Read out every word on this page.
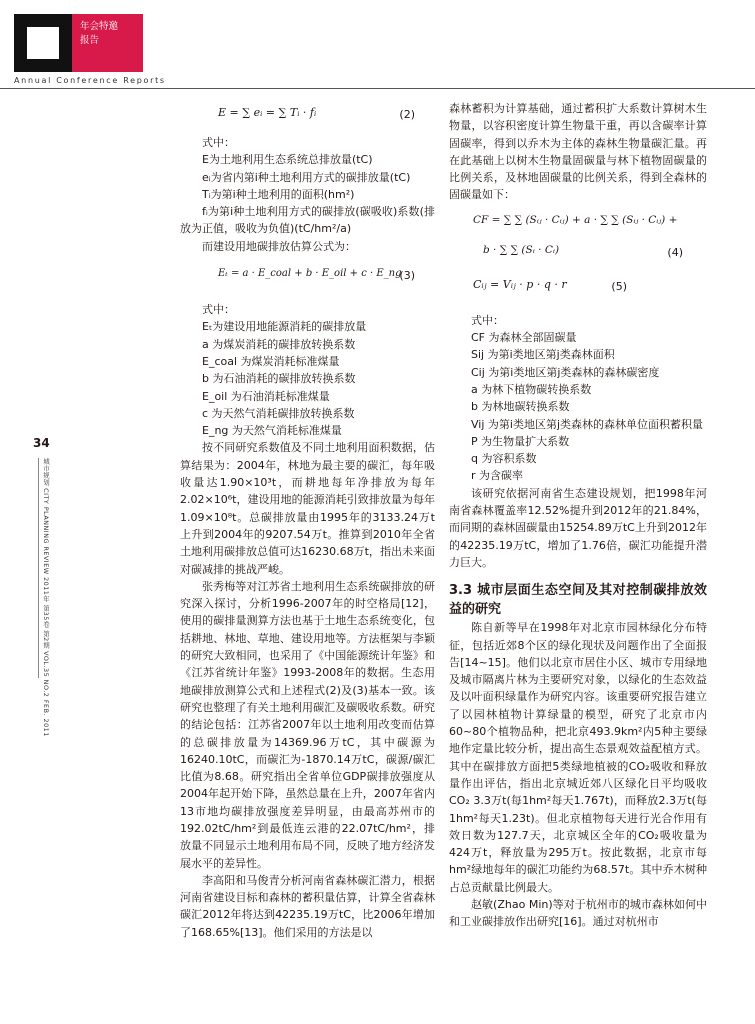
年会特邀
报告
Annual Conference Reports
34
城市规划 CITY PLANNING REVIEW 2011年 第35卷 第2期 VOL.35 NO.2 FEB. 2011
E = ∑ eᵢ = ∑ Tᵢ · fᵢ	(2)

式中：

E为土地利用生态系统总排放量(tC)

eᵢ为省内第i种土地利用方式的碳排放量(tC)

Tᵢ为第i种土地利用的面积(hm²)

fᵢ为第i种土地利用方式的碳排放(碳吸收)系数(排放为正值，吸收为负值)(tC/hm²/a)

而建设用地碳排放估算公式为：

Eₜ = a · E_coal + b · E_oil + c · E_ng
(3)

式中：

Eₜ为建设用地能源消耗的碳排放量

a 为煤炭消耗的碳排放转换系数

E_coal 为煤炭消耗标准煤量

b 为石油消耗的碳排放转换系数

E_oil 为石油消耗标准煤量

c 为天然气消耗碳排放转换系数

E_ng 为天然气消耗标准煤量

按不同研究系数值及不同土地利用面积数据，估算结果为：2004年，林地为最主要的碳汇，每年吸收量达1.90×10³t，而耕地每年净排放为每年2.02×10⁶t，建设用地的能源消耗引致排放量为每年1.09×10⁸t。总碳排放量由1995年的3133.24万t上升到2004年的9207.54万t。推算到2010年全省土地利用碳排放总值可达16230.68万t，指出未来面对碳减排的挑战严峻。

张秀梅等对江苏省土地利用生态系统碳排放的研究深入探讨，分析1996-2007年的时空格局[12]，使用的碳排量测算方法也基于土地生态系统变化，包括耕地、林地、草地、建设用地等。方法框架与李颖的研究大致相同，也采用了《中国能源统计年鉴》和《江苏省统计年鉴》1993-2008年的数据。生态用地碳排放测算公式和上述程式(2)及(3)基本一致。该研究也整理了有关土地利用碳汇及碳吸收系数。研究的结论包括：江苏省2007年以土地利用改变而估算的总碳排放量为14369.96万tC，其中碳源为16240.10tC，而碳汇为-1870.14万tC，碳源/碳汇比值为8.68。研究指出全省单位GDP碳排放强度从2004年起开始下降，虽然总量在上升，2007年省内13市地均碳排放强度差异明显，由最高苏州市的192.02tC/hm²到最低连云港的22.07tC/hm²，排放量不同显示土地利用布局不同，反映了地方经济发展水平的差异性。

李高阳和马俊青分析河南省森林碳汇潜力，根据河南省建设目标和森林的蓄积量估算，计算全省森林碳汇2012年将达到42235.19万tC，比2006年增加了168.65%[13]。他们采用的方法是以

森林蓄积为计算基础，通过蓄积扩大系数计算树木生物量，以容积密度计算生物量干重，再以含碳率计算固碳率，得到以乔木为主体的森林生物量碳汇量。再在此基础上以树木生物量固碳量与林下植物固碳量的比例关系，及林地固碳量的比例关系，得到全森林的固碳量如下：

CF = ∑ ∑ (Sᵢⱼ · Cᵢⱼ) + a · ∑ ∑ (Sᵢⱼ · Cᵢⱼ) +
b · ∑ ∑ (Sᵢ · Cᵢ)	(4)
Cᵢⱼ = Vᵢⱼ · p · q · r	(5)

式中：

CF 为森林全部固碳量

Sij 为第i类地区第j类森林面积

Cij 为第i类地区第j类森林的森林碳密度

a 为林下植物碳转换系数

b 为林地碳转换系数

Vij 为第i类地区第j类森林的森林单位面积蓄积量

P 为生物量扩大系数

q 为容积系数

r 为含碳率

该研究依据河南省生态建设规划，把1998年河南省森林覆盖率12.52%提升到2012年的21.84%，而同期的森林固碳量由15254.89万tC上升到2012年的42235.19万tC，增加了1.76倍，碳汇功能提升潜力巨大。

3.3 城市层面生态空间及其对控制碳排放效益的研究

陈自新等早在1998年对北京市园林绿化分布特征，包括近郊8个区的绿化现状及问题作出了全面报告[14~15]。他们以北京市居住小区、城市专用绿地及城市隔离片林为主要研究对象，以绿化的生态效益及以叶面积绿量作为研究内容。该重要研究报告建立了以园林植物计算绿量的模型，研究了北京市内60~80个植物品种，把北京493.9km²内5种主要绿地作定量比较分析，提出高生态景观效益配植方式。其中在碳排放方面把5类绿地植被的CO₂吸收和释放量作出评估，指出北京城近郊八区绿化日平均吸收CO₂ 3.3万t(每1hm²每天1.767t)，而释放2.3万t(每1hm²每天1.23t)。但北京植物每天进行光合作用有效日数为127.7天，北京城区全年的CO₂吸收量为424万t，释放量为295万t。按此数据，北京市每hm²绿地每年的碳汇功能约为68.57t。其中乔木树种占总贡献量比例最大。

赵敏(Zhao Min)等对于杭州市的城市森林如何中和工业碳排放作出研究[16]。通过对杭州市
